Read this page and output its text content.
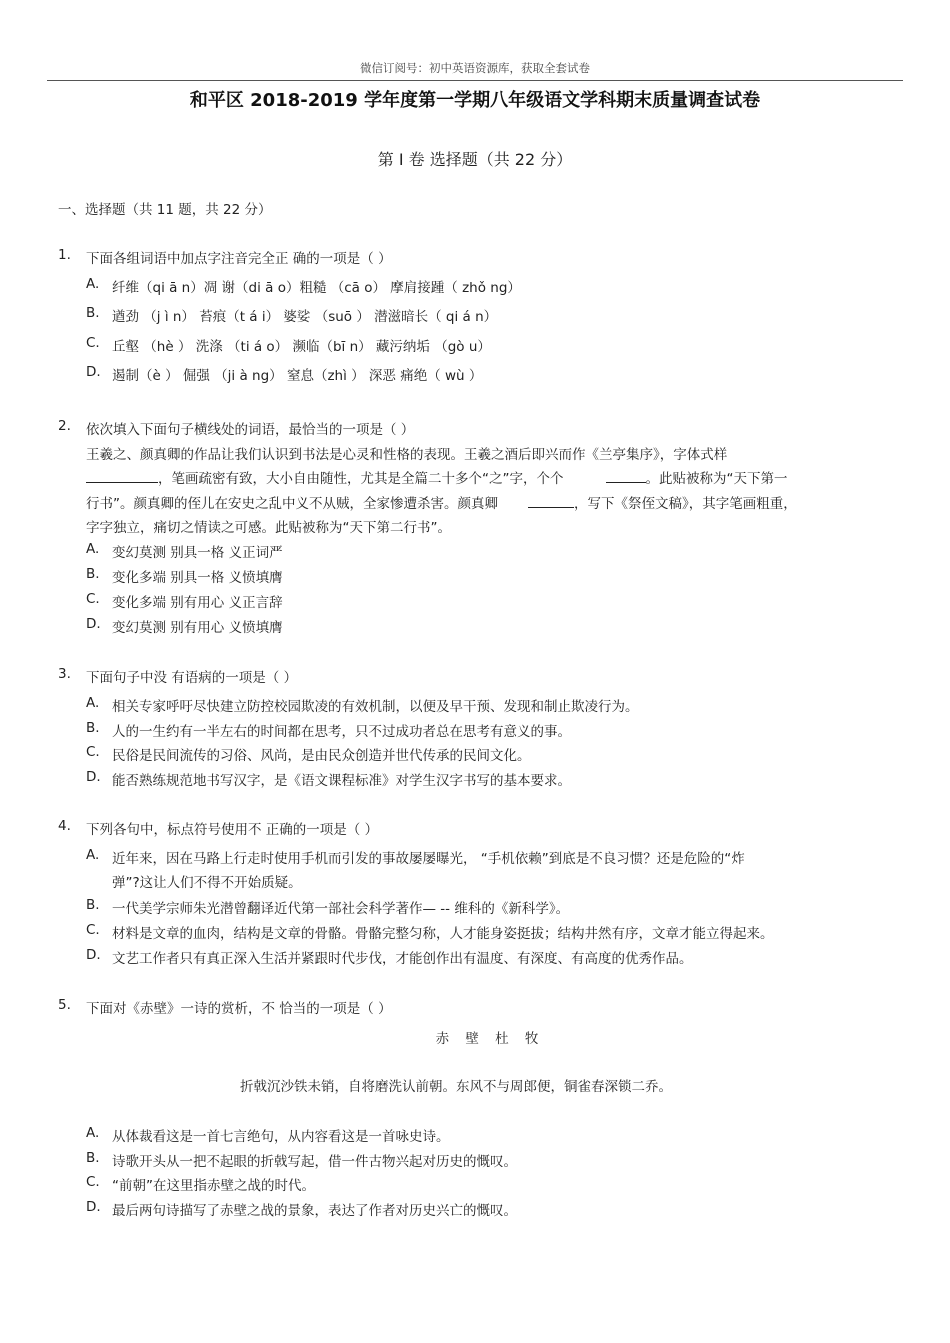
微信订阅号：初中英语资源库，获取全套试卷
和平区 2018-2019 学年度第一学期八年级语文学科期末质量调查试卷
第 I 卷 选择题（共 22 分）
一、选择题（共 11 题，共 22 分）
1. 下面各组词语中加点字注音完全正 确的一项是（ ）
A. 纤维（qi ā n）凋 谢（di ā o）粗糙 （cā o） 摩肩接踵（ zhǒ ng）
B. 遒劲 （j ì n） 苔痕（t á i） 婆娑 （suō ） 潜滋暗长（ qi á n）
C. 丘壑 （hè ） 洗涤 （ti á o） 濒临（bī n） 藏污纳垢 （gò u）
D. 遏制（è ） 倔强 （ji à ng） 窒息（zhì ） 深恶 痛绝（ wù ）
2. 依次填入下面句子横线处的词语，最恰当的一项是（ ）
王羲之、颜真卿的作品让我们认识到书法是心灵和性格的表现。王羲之酒后即兴而作《兰亭集序》，字体式样
，笔画疏密有致，大小自由随性，尤其是全篇二十多个“之”字，个个	。此贴被称为“天下第一
行书”。颜真卿的侄儿在安史之乱中义不从贼，全家惨遭杀害。颜真卿	，写下《祭侄文稿》，其字笔画粗重，
字字独立，痛切之情读之可感。此贴被称为“天下第二行书”。
A. 变幻莫测 别具一格 义正词严
B. 变化多端 别具一格 义愤填膺
C. 变化多端 别有用心 义正言辞
D. 变幻莫测 别有用心 义愤填膺
3. 下面句子中没 有语病的一项是（ ）
A. 相关专家呼吁尽快建立防控校园欺凌的有效机制，以便及早干预、发现和制止欺凌行为。
B. 人的一生约有一半左右的时间都在思考，只不过成功者总在思考有意义的事。
C. 民俗是民间流传的习俗、风尚，是由民众创造并世代传承的民间文化。
D. 能否熟练规范地书写汉字，是《语文课程标准》对学生汉字书写的基本要求。
4. 下列各句中，标点符号使用不 正确的一项是（ ）
A. 近年来，因在马路上行走时使用手机而引发的事故屡屡曝光， “手机依赖”到底是不良习惯？还是危险的“炸
弹”?这让人们不得不开始质疑。
B. 一代美学宗师朱光潜曾翻译近代第一部社会科学著作— -- 维科的《新科学》。
C. 材料是文章的血肉，结构是文章的骨骼。骨骼完整匀称，人才能身姿挺拔；结构井然有序，文章才能立得起来。
D. 文艺工作者只有真正深入生活并紧跟时代步伐，才能创作出有温度、有深度、有高度的优秀作品。
5. 下面对《赤壁》一诗的赏析，不 恰当的一项是（ ）
赤 壁 杜 牧
折戟沉沙铁未销，自将磨洗认前朝。东风不与周郎便，铜雀春深锁二乔。
A. 从体裁看这是一首七言绝句，从内容看这是一首咏史诗。
B. 诗歌开头从一把不起眼的折戟写起，借一件古物兴起对历史的慨叹。
C. “前朝”在这里指赤壁之战的时代。
D. 最后两句诗描写了赤壁之战的景象，表达了作者对历史兴亡的慨叹。
